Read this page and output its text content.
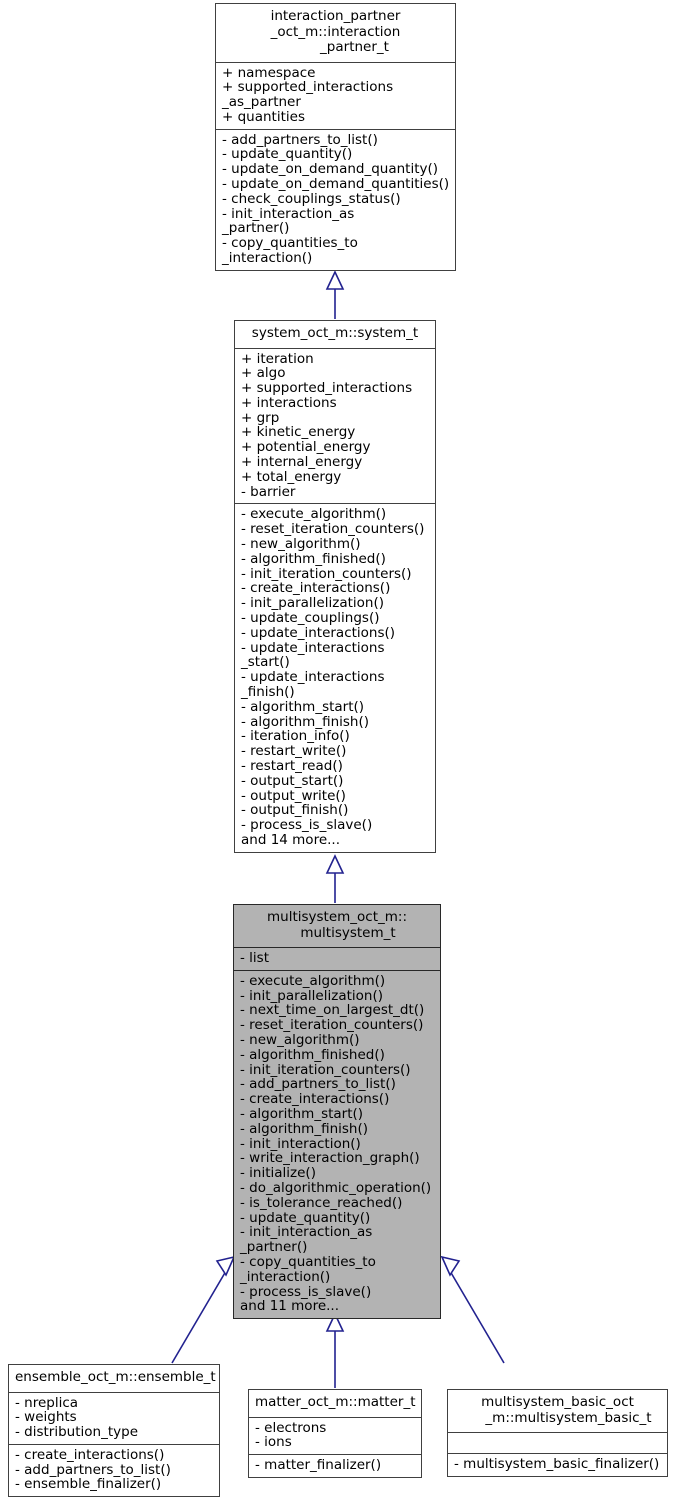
interaction_partner
_oct_m::interaction
_partner_t
+ namespace
+ supported_interactions
_as_partner
+ quantities
- add_partners_to_list()
- update_quantity()
- update_on_demand_quantity()
- update_on_demand_quantities()
- check_couplings_status()
- init_interaction_as
_partner()
- copy_quantities_to
_interaction()
system_oct_m::system_t
+ iteration
+ algo
+ supported_interactions
+ interactions
+ grp
+ kinetic_energy
+ potential_energy
+ internal_energy
+ total_energy
- barrier
- execute_algorithm()
- reset_iteration_counters()
- new_algorithm()
- algorithm_finished()
- init_iteration_counters()
- create_interactions()
- init_parallelization()
- update_couplings()
- update_interactions()
- update_interactions
_start()
- update_interactions
_finish()
- algorithm_start()
- algorithm_finish()
- iteration_info()
- restart_write()
- restart_read()
- output_start()
- output_write()
- output_finish()
- process_is_slave()
and 14 more...
multisystem_oct_m::
multisystem_t
- list
- execute_algorithm()
- init_parallelization()
- next_time_on_largest_dt()
- reset_iteration_counters()
- new_algorithm()
- algorithm_finished()
- init_iteration_counters()
- add_partners_to_list()
- create_interactions()
- algorithm_start()
- algorithm_finish()
- init_interaction()
- write_interaction_graph()
- initialize()
- do_algorithmic_operation()
- is_tolerance_reached()
- update_quantity()
- init_interaction_as
_partner()
- copy_quantities_to
_interaction()
- process_is_slave()
and 11 more...
ensemble_oct_m::ensemble_t
- nreplica
- weights
- distribution_type
- create_interactions()
- add_partners_to_list()
- ensemble_finalizer()
matter_oct_m::matter_t
- electrons
- ions
- matter_finalizer()
multisystem_basic_oct
_m::multisystem_basic_t
- multisystem_basic_finalizer()
